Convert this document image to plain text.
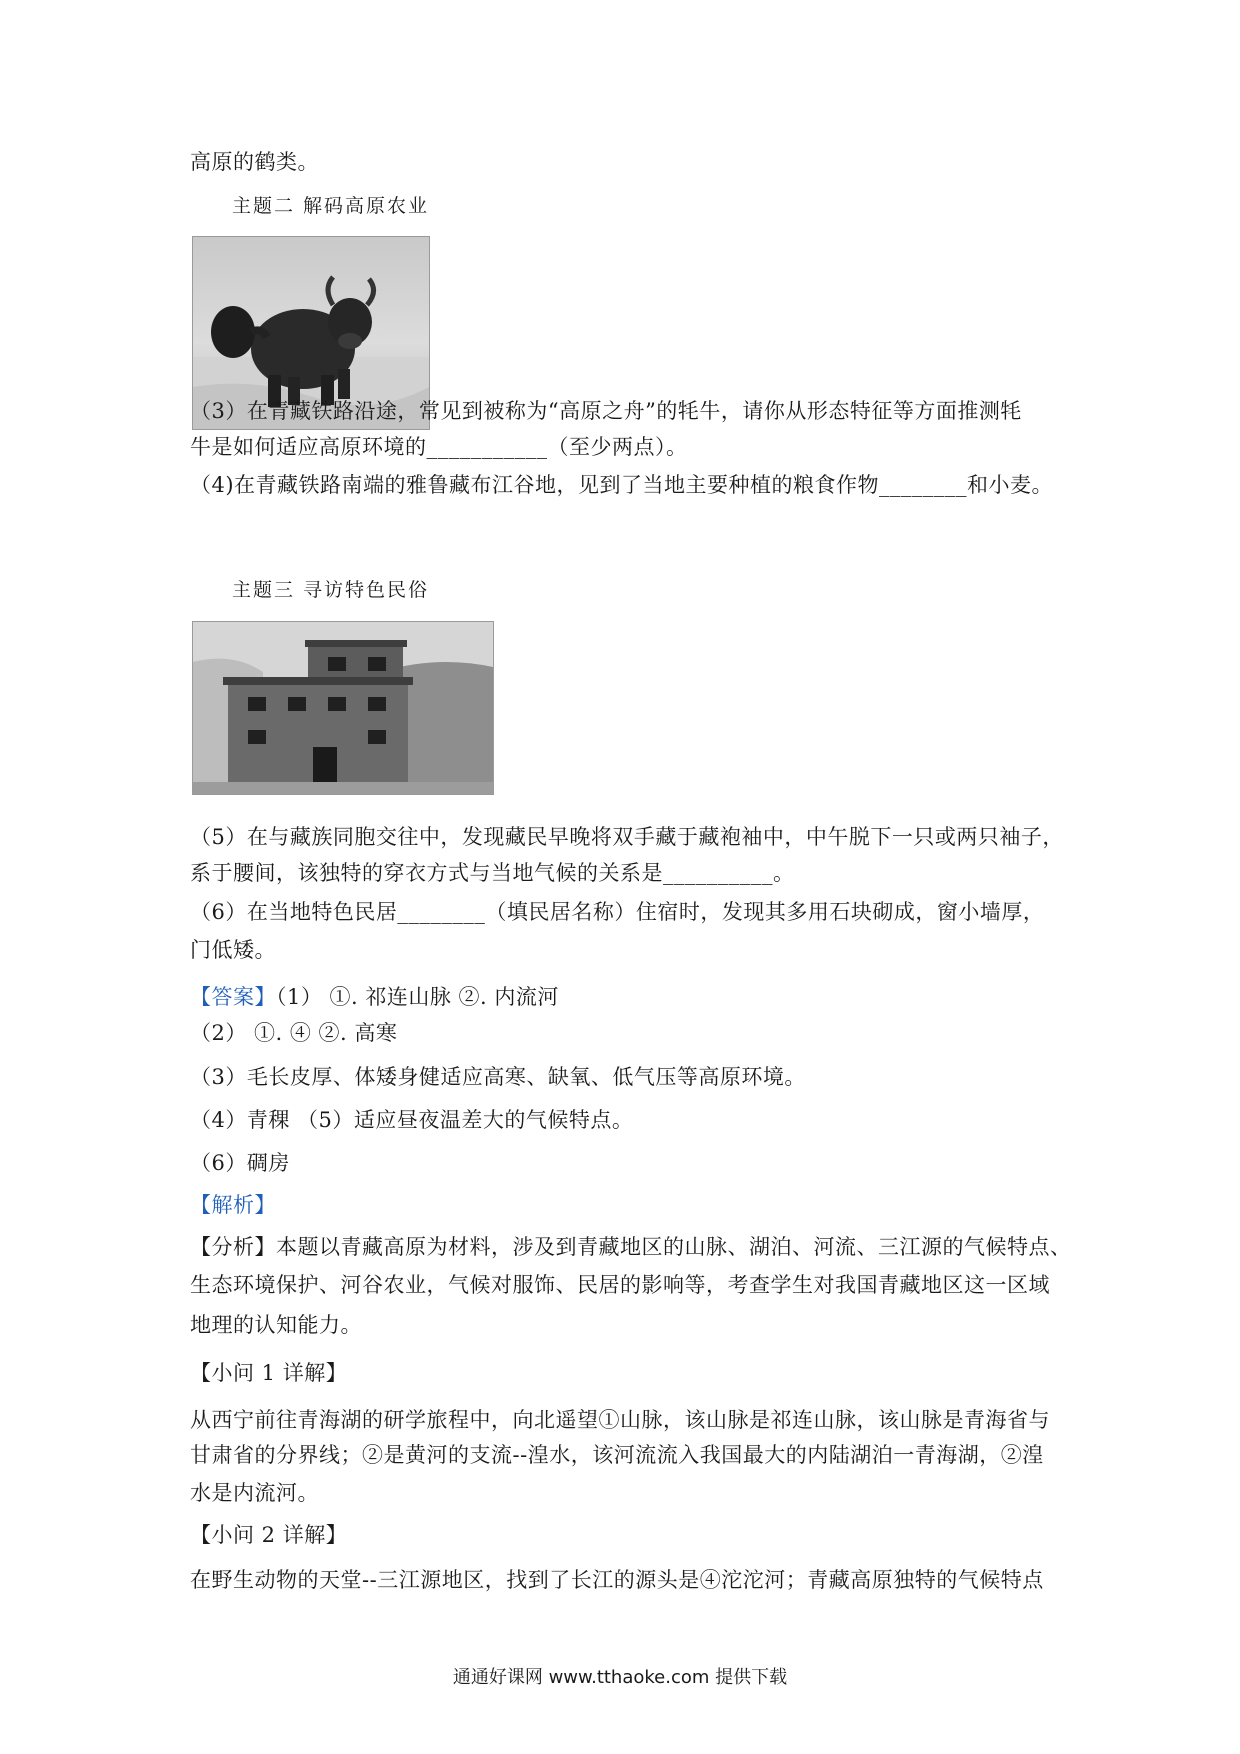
高原的鹤类。
主题二 解码高原农业
（3）在青藏铁路沿途，常见到被称为“高原之舟”的牦牛，请你从形态特征等方面推测牦
牛是如何适应高原环境的___________（至少两点）。
（4)在青藏铁路南端的雅鲁藏布江谷地，见到了当地主要种植的粮食作物________和小麦。
主题三 寻访特色民俗
（5）在与藏族同胞交往中，发现藏民早晚将双手藏于藏袍袖中，中午脱下一只或两只袖子，
系于腰间，该独特的穿衣方式与当地气候的关系是__________。
（6）在当地特色民居________（填民居名称）住宿时，发现其多用石块砌成，窗小墙厚，
门低矮。
【答案】（1） ①. 祁连山脉 ②. 内流河
（2） ①. ④ ②. 高寒
（3）毛长皮厚、体矮身健适应高寒、缺氧、低气压等高原环境。
（4）青稞 （5）适应昼夜温差大的气候特点。
（6）碉房
【解析】
【分析】本题以青藏高原为材料，涉及到青藏地区的山脉、湖泊、河流、三江源的气候特点、
生态环境保护、河谷农业，气候对服饰、民居的影响等，考查学生对我国青藏地区这一区域
地理的认知能力。
【小问 1 详解】
从西宁前往青海湖的研学旅程中，向北遥望①山脉，该山脉是祁连山脉，该山脉是青海省与
甘肃省的分界线；②是黄河的支流--湟水，该河流流入我国最大的内陆湖泊一青海湖，②湟
水是内流河。
【小问 2 详解】
在野生动物的天堂--三江源地区，找到了长江的源头是④沱沱河；青藏高原独特的气候特点
通通好课网 www.tthaoke.com 提供下载
